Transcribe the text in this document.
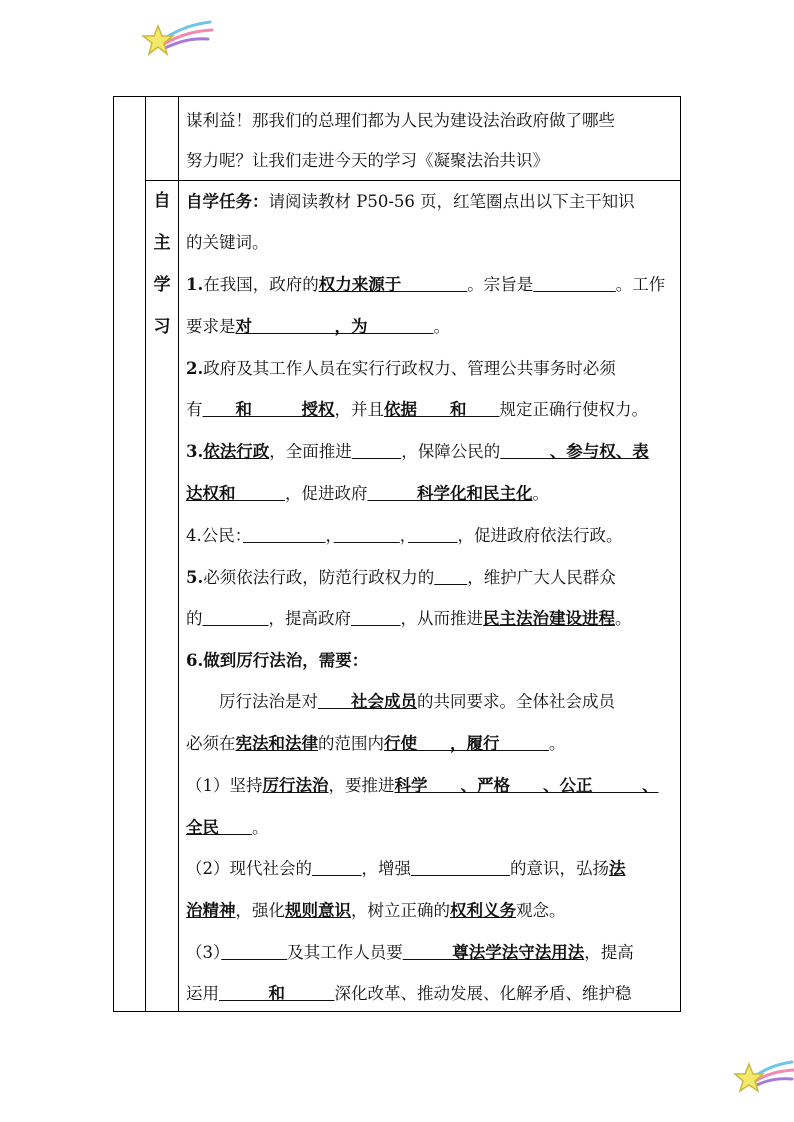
谋利益！那我们的总理们都为人民为建设法治政府做了哪些
努力呢？让我们走进今天的学习《凝聚法治共识》
自
主
学
习
自学任务：请阅读教材 P50-56 页，红笔圈点出以下主干知识
的关键词。
1.在我国，政府的权力来源于　　　　	。宗旨是　　　　　	。工作
要求是对　　　　　，为　　　　。
2.政府及其工作人员在实行行政权力、管理公共事务时必须
有　　和　　　授权，并且依据　　和　　规定正确行使权力。
3.依法行政，全面推进　　　	，保障公民的　　　、参与权、表
达权和　　　	，促进政府　　　科学化和民主化。
4.公民：　　　　　	，　　　　	，　　　	，促进政府依法行政。
5.必须依法行政，防范行政权力的　　 ，维护广大人民群众
的　　　　	，提高政府　　　	，从而推进民主法治建设进程。
6.做到厉行法治，需要：
　　厉行法治是对　　社会成员的共同要求。全体社会成员
必须在宪法和法律的范围内行使　　，履行　　　。
（1）坚持厉行法治，要推进科学　　、严格　　、公正　　　、
全民　　。
（2）现代社会的　　　	，增强　　　　　　	的意识，弘扬法
治精神，强化规则意识，树立正确的权利义务观念。
（3）　　　　	及其工作人员要　　　尊法学法守法用法，提高
运用　　　和　　　深化改革、推动发展、化解矛盾、维护稳
